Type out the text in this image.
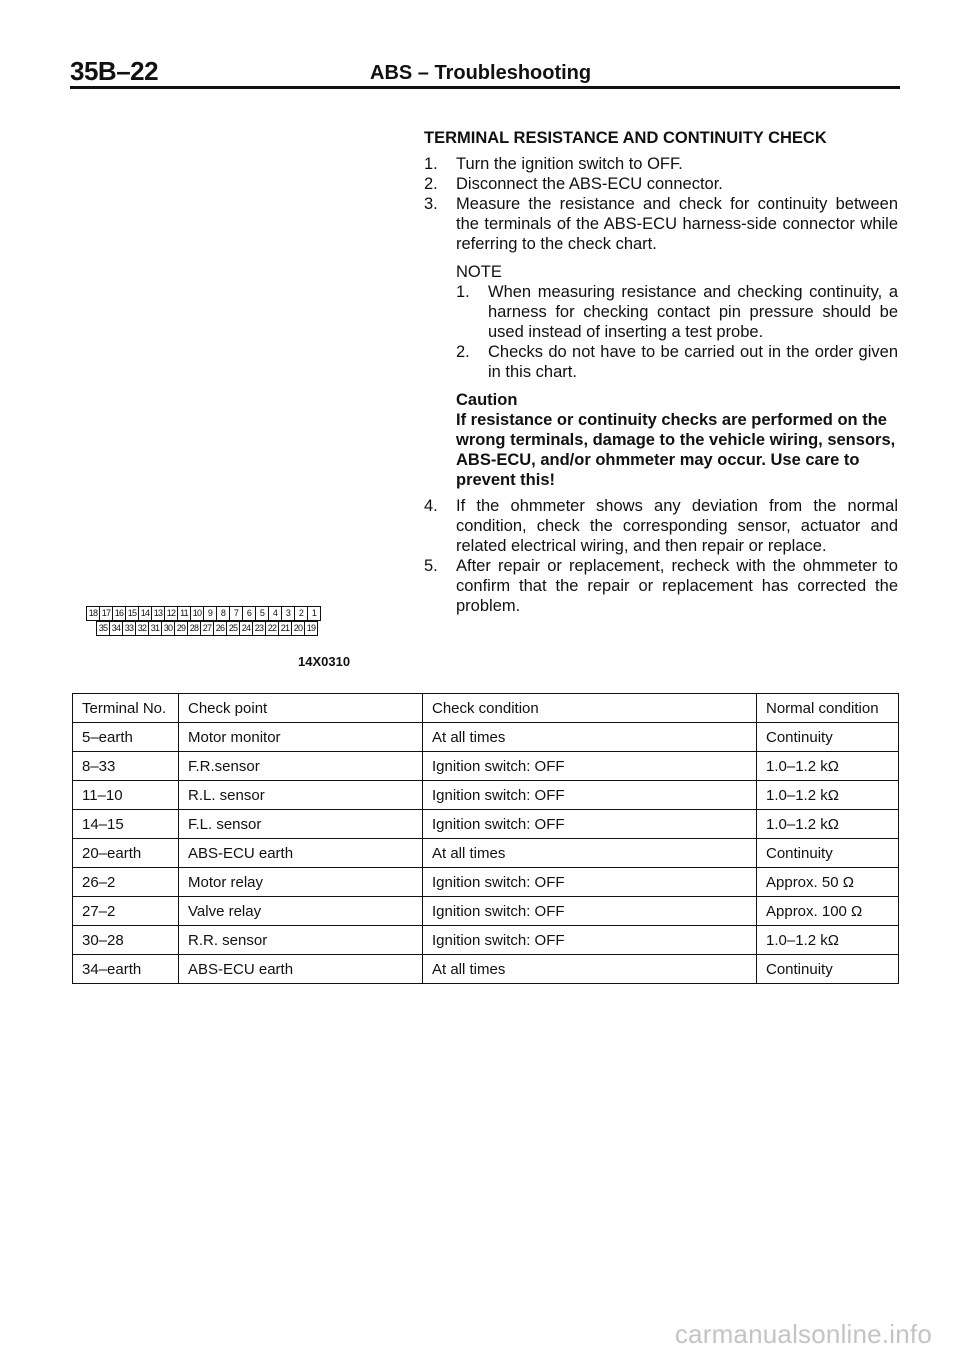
35B–22	ABS – Troubleshooting
TERMINAL RESISTANCE AND CONTINUITY CHECK
1.	Turn the ignition switch to OFF.
2.	Disconnect the ABS-ECU connector.
3.	Measure the resistance and check for continuity between the terminals of the ABS-ECU harness-side connector while referring to the check chart.
NOTE
1.	When measuring resistance and checking continuity, a harness for checking contact pin pressure should be used instead of inserting a test probe.
2.	Checks do not have to be carried out in the order given in this chart.
Caution
If resistance or continuity checks are performed on the wrong terminals, damage to the vehicle wiring, sensors, ABS-ECU, and/or ohmmeter may occur. Use care to prevent this!
4.	If the ohmmeter shows any deviation from the normal condition, check the corresponding sensor, actuator and related electrical wiring, and then repair or replace.
5.	After repair or replacement, recheck with the ohmmeter to confirm that the repair or replacement has corrected the problem.
18 17 16 15 14 13 12 11 10 9 8 7 6 5 4 3 2 1
35 34 33 32 31 30 29 28 27 26 25 24 23 22 21 20 19
14X0310
Terminal No.	Check point	Check condition	Normal condition
5–earth	Motor monitor	At all times	Continuity
8–33	F.R.sensor	Ignition switch: OFF	1.0–1.2 kΩ
11–10	R.L. sensor	Ignition switch: OFF	1.0–1.2 kΩ
14–15	F.L. sensor	Ignition switch: OFF	1.0–1.2 kΩ
20–earth	ABS-ECU earth	At all times	Continuity
26–2	Motor relay	Ignition switch: OFF	Approx. 50 Ω
27–2	Valve relay	Ignition switch: OFF	Approx. 100 Ω
30–28	R.R. sensor	Ignition switch: OFF	1.0–1.2 kΩ
34–earth	ABS-ECU earth	At all times	Continuity
carmanualsonline.info
